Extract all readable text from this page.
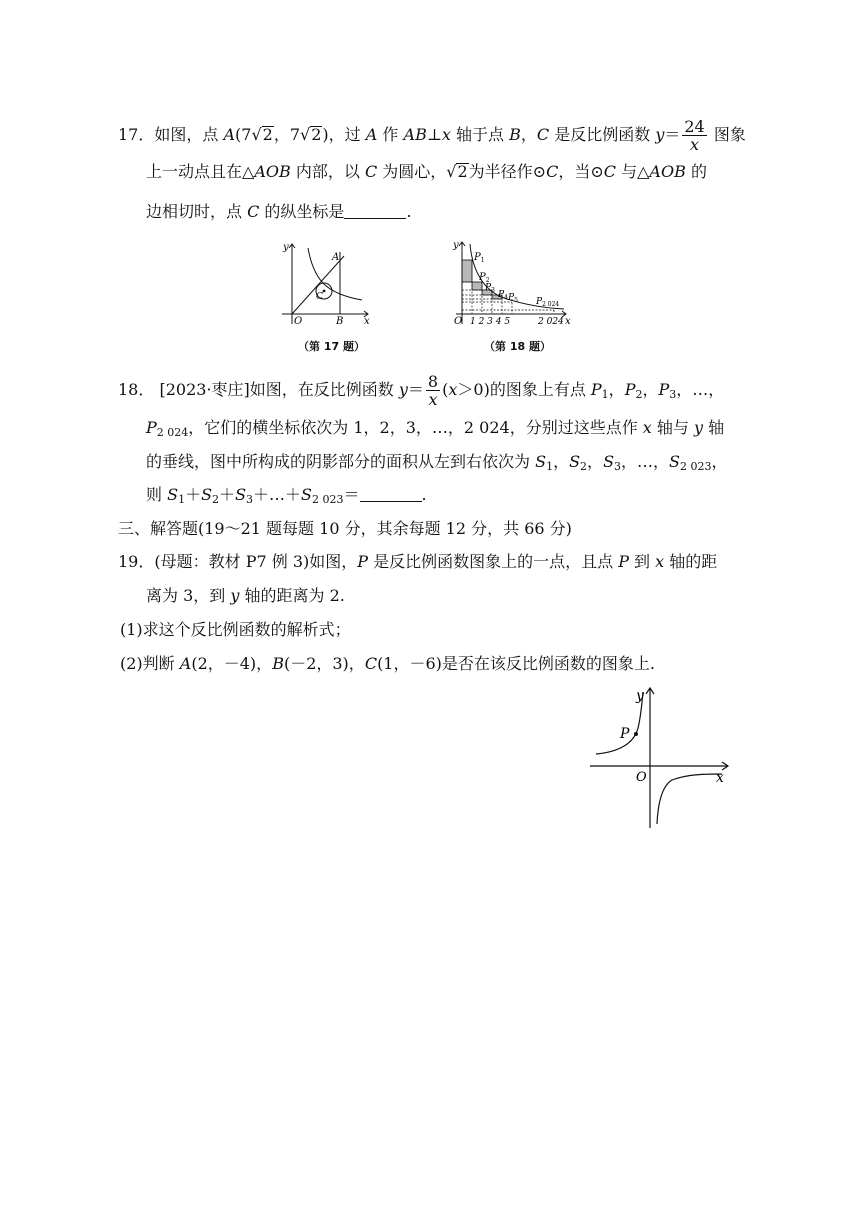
17．如图，点 A(7√2，7√2)，过 A 作 AB⊥x 轴于点 B，C 是反比例函数 $y= \frac{24}{x}$ 图象
上一动点且在△AOB 内部，以 C 为圆心，√2为半径作⊙C，当⊙C 与△AOB 的
边相切时，点 C 的纵坐标是	.
y
x
O
A
B
C
（第 17 题）
y
x
O
$P_1$
$P_2$
$P_3$ $P_4$ $P_5$ $P_{2 024}$
1 2 3 4 5	2 024
（第 18 题）
18． [2023·枣庄]如图，在反比例函数 $y= \frac{8}{x} (x>0)$的图象上有点 $P_1$，$P_2$，$P_3$，…，
$P_{2 024}$，它们的横坐标依次为 1，2，3，…，2 024，分别过这些点作 x 轴与 y 轴
的垂线，图中所构成的阴影部分的面积从左到右依次为 $S_1$，$S_2$，$S_3$，…，$S_{2 023}$，
则 $S_1+S_2+S_3+\dots+S_{2 023}=$	.
三、解答题(19～21 题每题 10 分，其余每题 12 分，共 66 分)
19．(母题：教材 P7 例 3)如图，P 是反比例函数图象上的一点，且点 P 到 x 轴的距
离为 3，到 y 轴的距离为 2.
(1)求这个反比例函数的解析式；
(2)判断 A(2，－4)，B(－2，3)，C(1，－6)是否在该反比例函数的图象上.
P
y
x
O
